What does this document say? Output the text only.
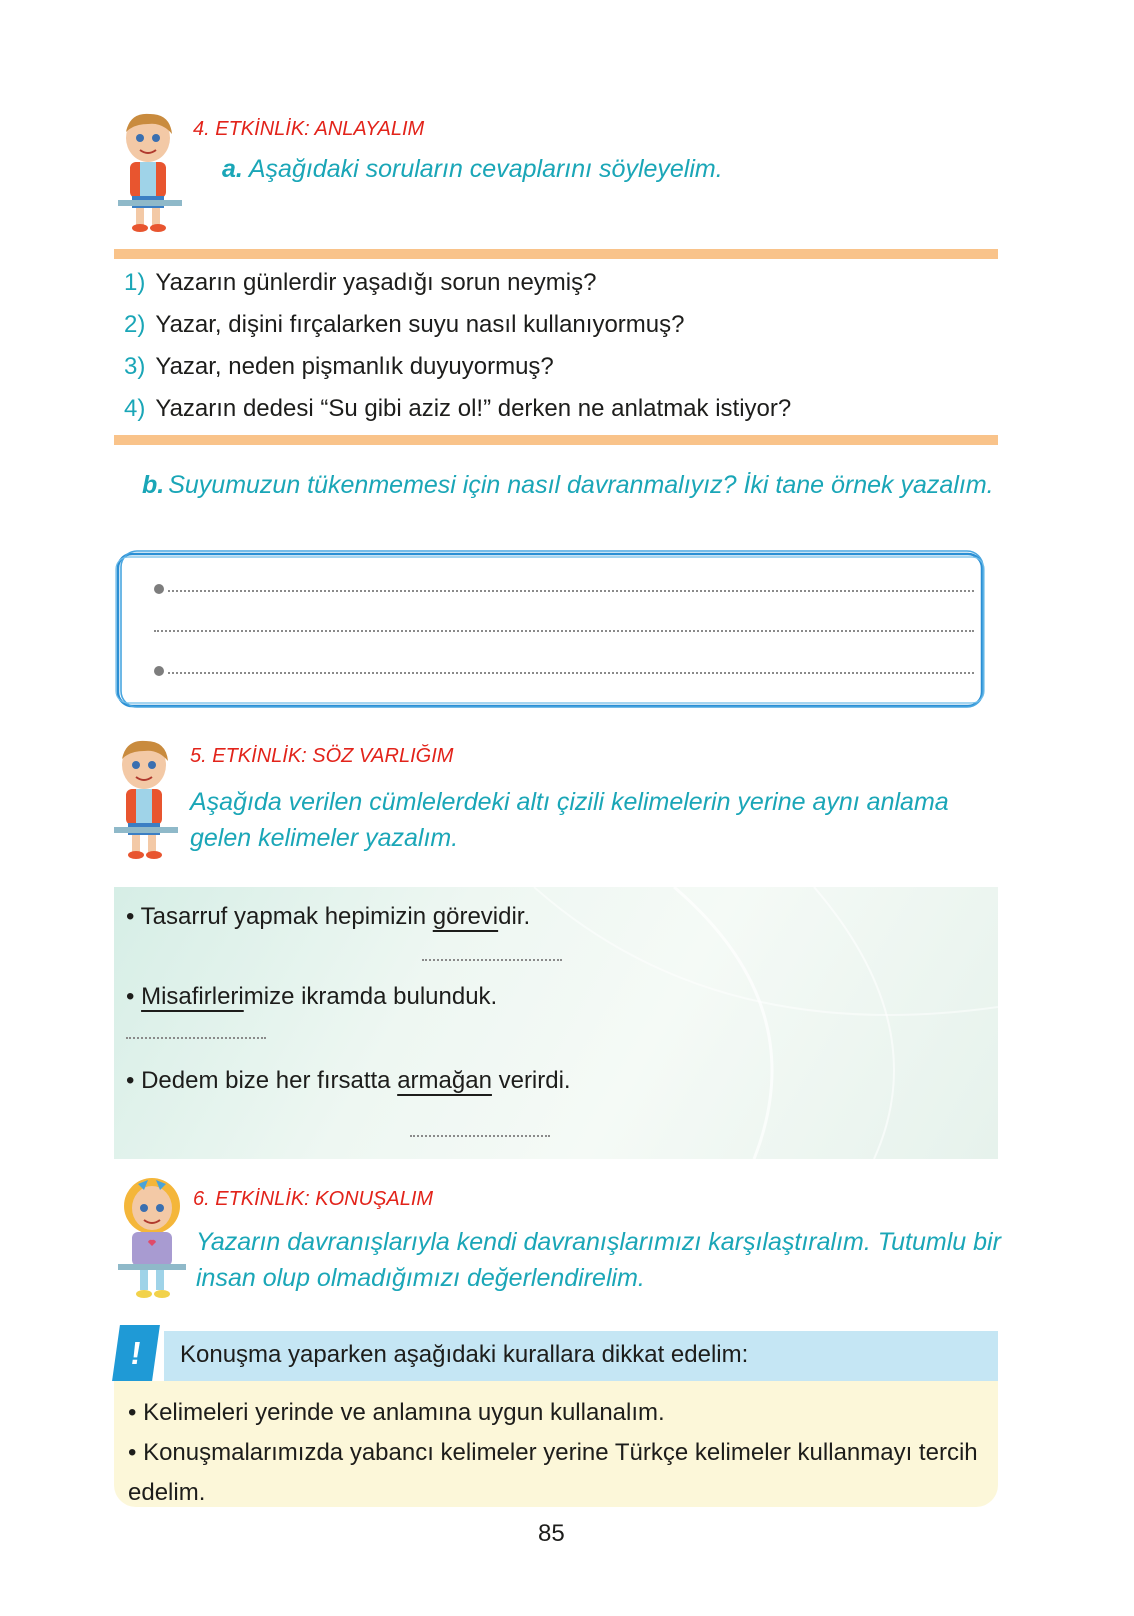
4. ETKİNLİK: ANLAYALIM
a. Aşağıdaki soruların cevaplarını söyleyelim.
1) Yazarın günlerdir yaşadığı sorun neymiş?
2) Yazar, dişini fırçalarken suyu nasıl kullanıyormuş?
3) Yazar, neden pişmanlık duyuyormuş?
4) Yazarın dedesi “Su gibi aziz ol!” derken ne anlatmak istiyor?
b. Suyumuzun tükenmemesi için nasıl davranmalıyız? İki tane örnek yazalım.
5. ETKİNLİK: SÖZ VARLIĞIM
Aşağıda verilen cümlelerdeki altı çizili kelimelerin yerine aynı anlama gelen kelimeler yazalım.
• Tasarruf yapmak hepimizin görevidir.
• Misafirlerimize ikramda bulunduk.
• Dedem bize her fırsatta armağan verirdi.
6. ETKİNLİK: KONUŞALIM
Yazarın davranışlarıyla kendi davranışlarımızı karşılaştıralım. Tutumlu bir insan olup olmadığımızı değerlendirelim.
!	Konuşma yaparken aşağıdaki kurallara dikkat edelim:

• Kelimeleri yerinde ve anlamına uygun kullanalım.

• Konuşmalarımızda yabancı kelimeler yerine Türkçe kelimeler kullanmayı tercih edelim.

85
